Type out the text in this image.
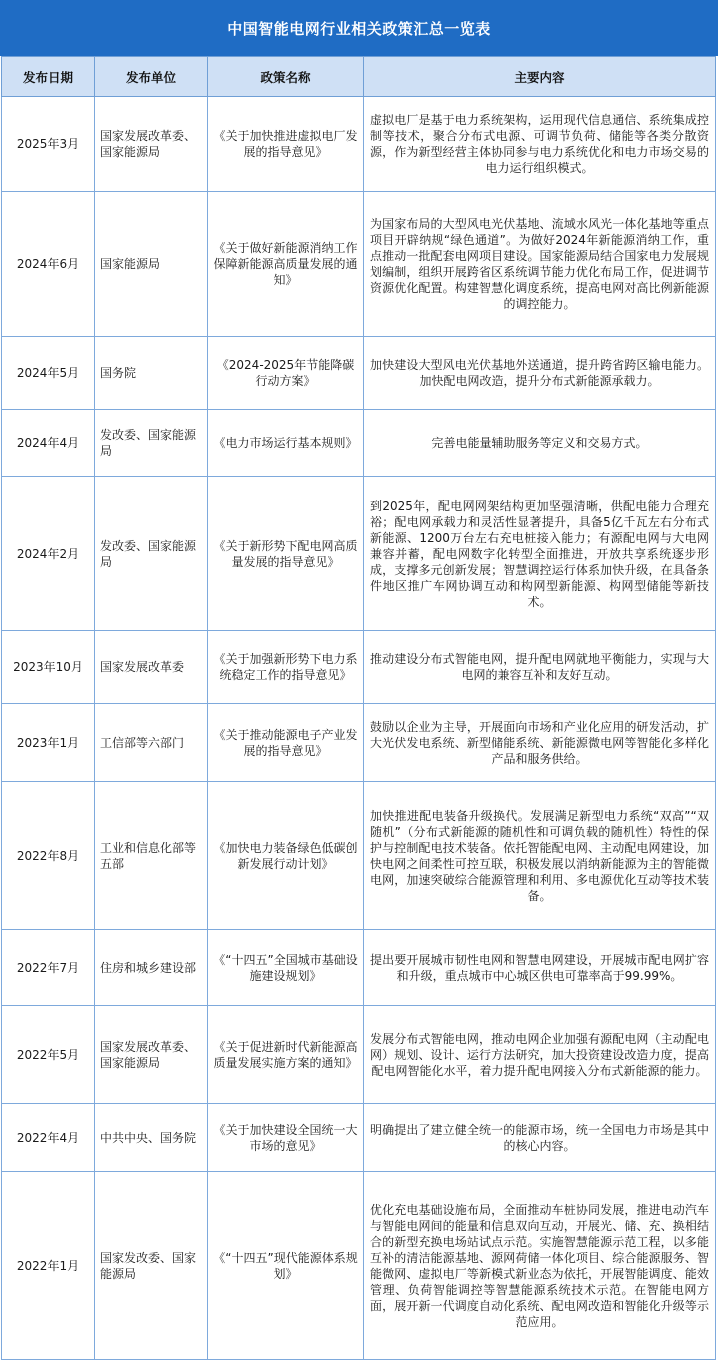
中国智能电网行业相关政策汇总一览表
发布日期	发布单位	政策名称	主要内容
2025年3月	国家发展改革委、国家能源局	《关于加快推进虚拟电厂发展的指导意见》	虚拟电厂是基于电力系统架构，运用现代信息通信、系统集成控制等技术，聚合分布式电源、可调节负荷、储能等各类分散资源，作为新型经营主体协同参与电力系统优化和电力市场交易的电力运行组织模式。
2024年6月	国家能源局	《关于做好新能源消纳工作保障新能源高质量发展的通知》	为国家布局的大型风电光伏基地、流域水风光一体化基地等重点项目开辟纳规“绿色通道”。为做好2024年新能源消纳工作，重点推动一批配套电网项目建设。国家能源局结合国家电力发展规划编制，组织开展跨省区系统调节能力优化布局工作，促进调节资源优化配置。构建智慧化调度系统，提高电网对高比例新能源的调控能力。
2024年5月	国务院	《2024-2025年节能降碳行动方案》	加快建设大型风电光伏基地外送通道，提升跨省跨区输电能力。加快配电网改造，提升分布式新能源承载力。
2024年4月	发改委、国家能源局	《电力市场运行基本规则》	完善电能量辅助服务等定义和交易方式。
2024年2月	发改委、国家能源局	《关于新形势下配电网高质量发展的指导意见》	到2025年，配电网网架结构更加坚强清晰，供配电能力合理充裕；配电网承载力和灵活性显著提升，具备5亿千瓦左右分布式新能源、1200万台左右充电桩接入能力；有源配电网与大电网兼容并蓄，配电网数字化转型全面推进，开放共享系统逐步形成，支撑多元创新发展；智慧调控运行体系加快升级，在具备条件地区推广车网协调互动和构网型新能源、构网型储能等新技术。
2023年10月	国家发展改革委	《关于加强新形势下电力系统稳定工作的指导意见》	推动建设分布式智能电网，提升配电网就地平衡能力，实现与大电网的兼容互补和友好互动。
2023年1月	工信部等六部门	《关于推动能源电子产业发展的指导意见》	鼓励以企业为主导，开展面向市场和产业化应用的研发活动，扩大光伏发电系统、新型储能系统、新能源微电网等智能化多样化产品和服务供给。
2022年8月	工业和信息化部等五部	《加快电力装备绿色低碳创新发展行动计划》	加快推进配电装备升级换代。发展满足新型电力系统“双高”“双随机”（分布式新能源的随机性和可调负载的随机性）特性的保护与控制配电技术装备。依托智能配电网、主动配电网建设，加快电网之间柔性可控互联，积极发展以消纳新能源为主的智能微电网，加速突破综合能源管理和利用、多电源优化互动等技术装备。
2022年7月	住房和城乡建设部	《“十四五”全国城市基础设施建设规划》	提出要开展城市韧性电网和智慧电网建设，开展城市配电网扩容和升级，重点城市中心城区供电可靠率高于99.99%。
2022年5月	国家发展改革委、国家能源局	《关于促进新时代新能源高质量发展实施方案的通知》	发展分布式智能电网，推动电网企业加强有源配电网（主动配电网）规划、设计、运行方法研究，加大投资建设改造力度，提高配电网智能化水平，着力提升配电网接入分布式新能源的能力。
2022年4月	中共中央、国务院	《关于加快建设全国统一大市场的意见》	明确提出了建立健全统一的能源市场，统一全国电力市场是其中的核心内容。
2022年1月	国家发改委、国家能源局	《“十四五”现代能源体系规划》	优化充电基础设施布局，全面推动车桩协同发展，推进电动汽车与智能电网间的能量和信息双向互动，开展光、储、充、换相结合的新型充换电场站试点示范。实施智慧能源示范工程，以多能互补的清洁能源基地、源网荷储一体化项目、综合能源服务、智能微网、虚拟电厂等新模式新业态为依托，开展智能调度、能效管理、负荷智能调控等智慧能源系统技术示范。在智能电网方面，展开新一代调度自动化系统、配电网改造和智能化升级等示范应用。
